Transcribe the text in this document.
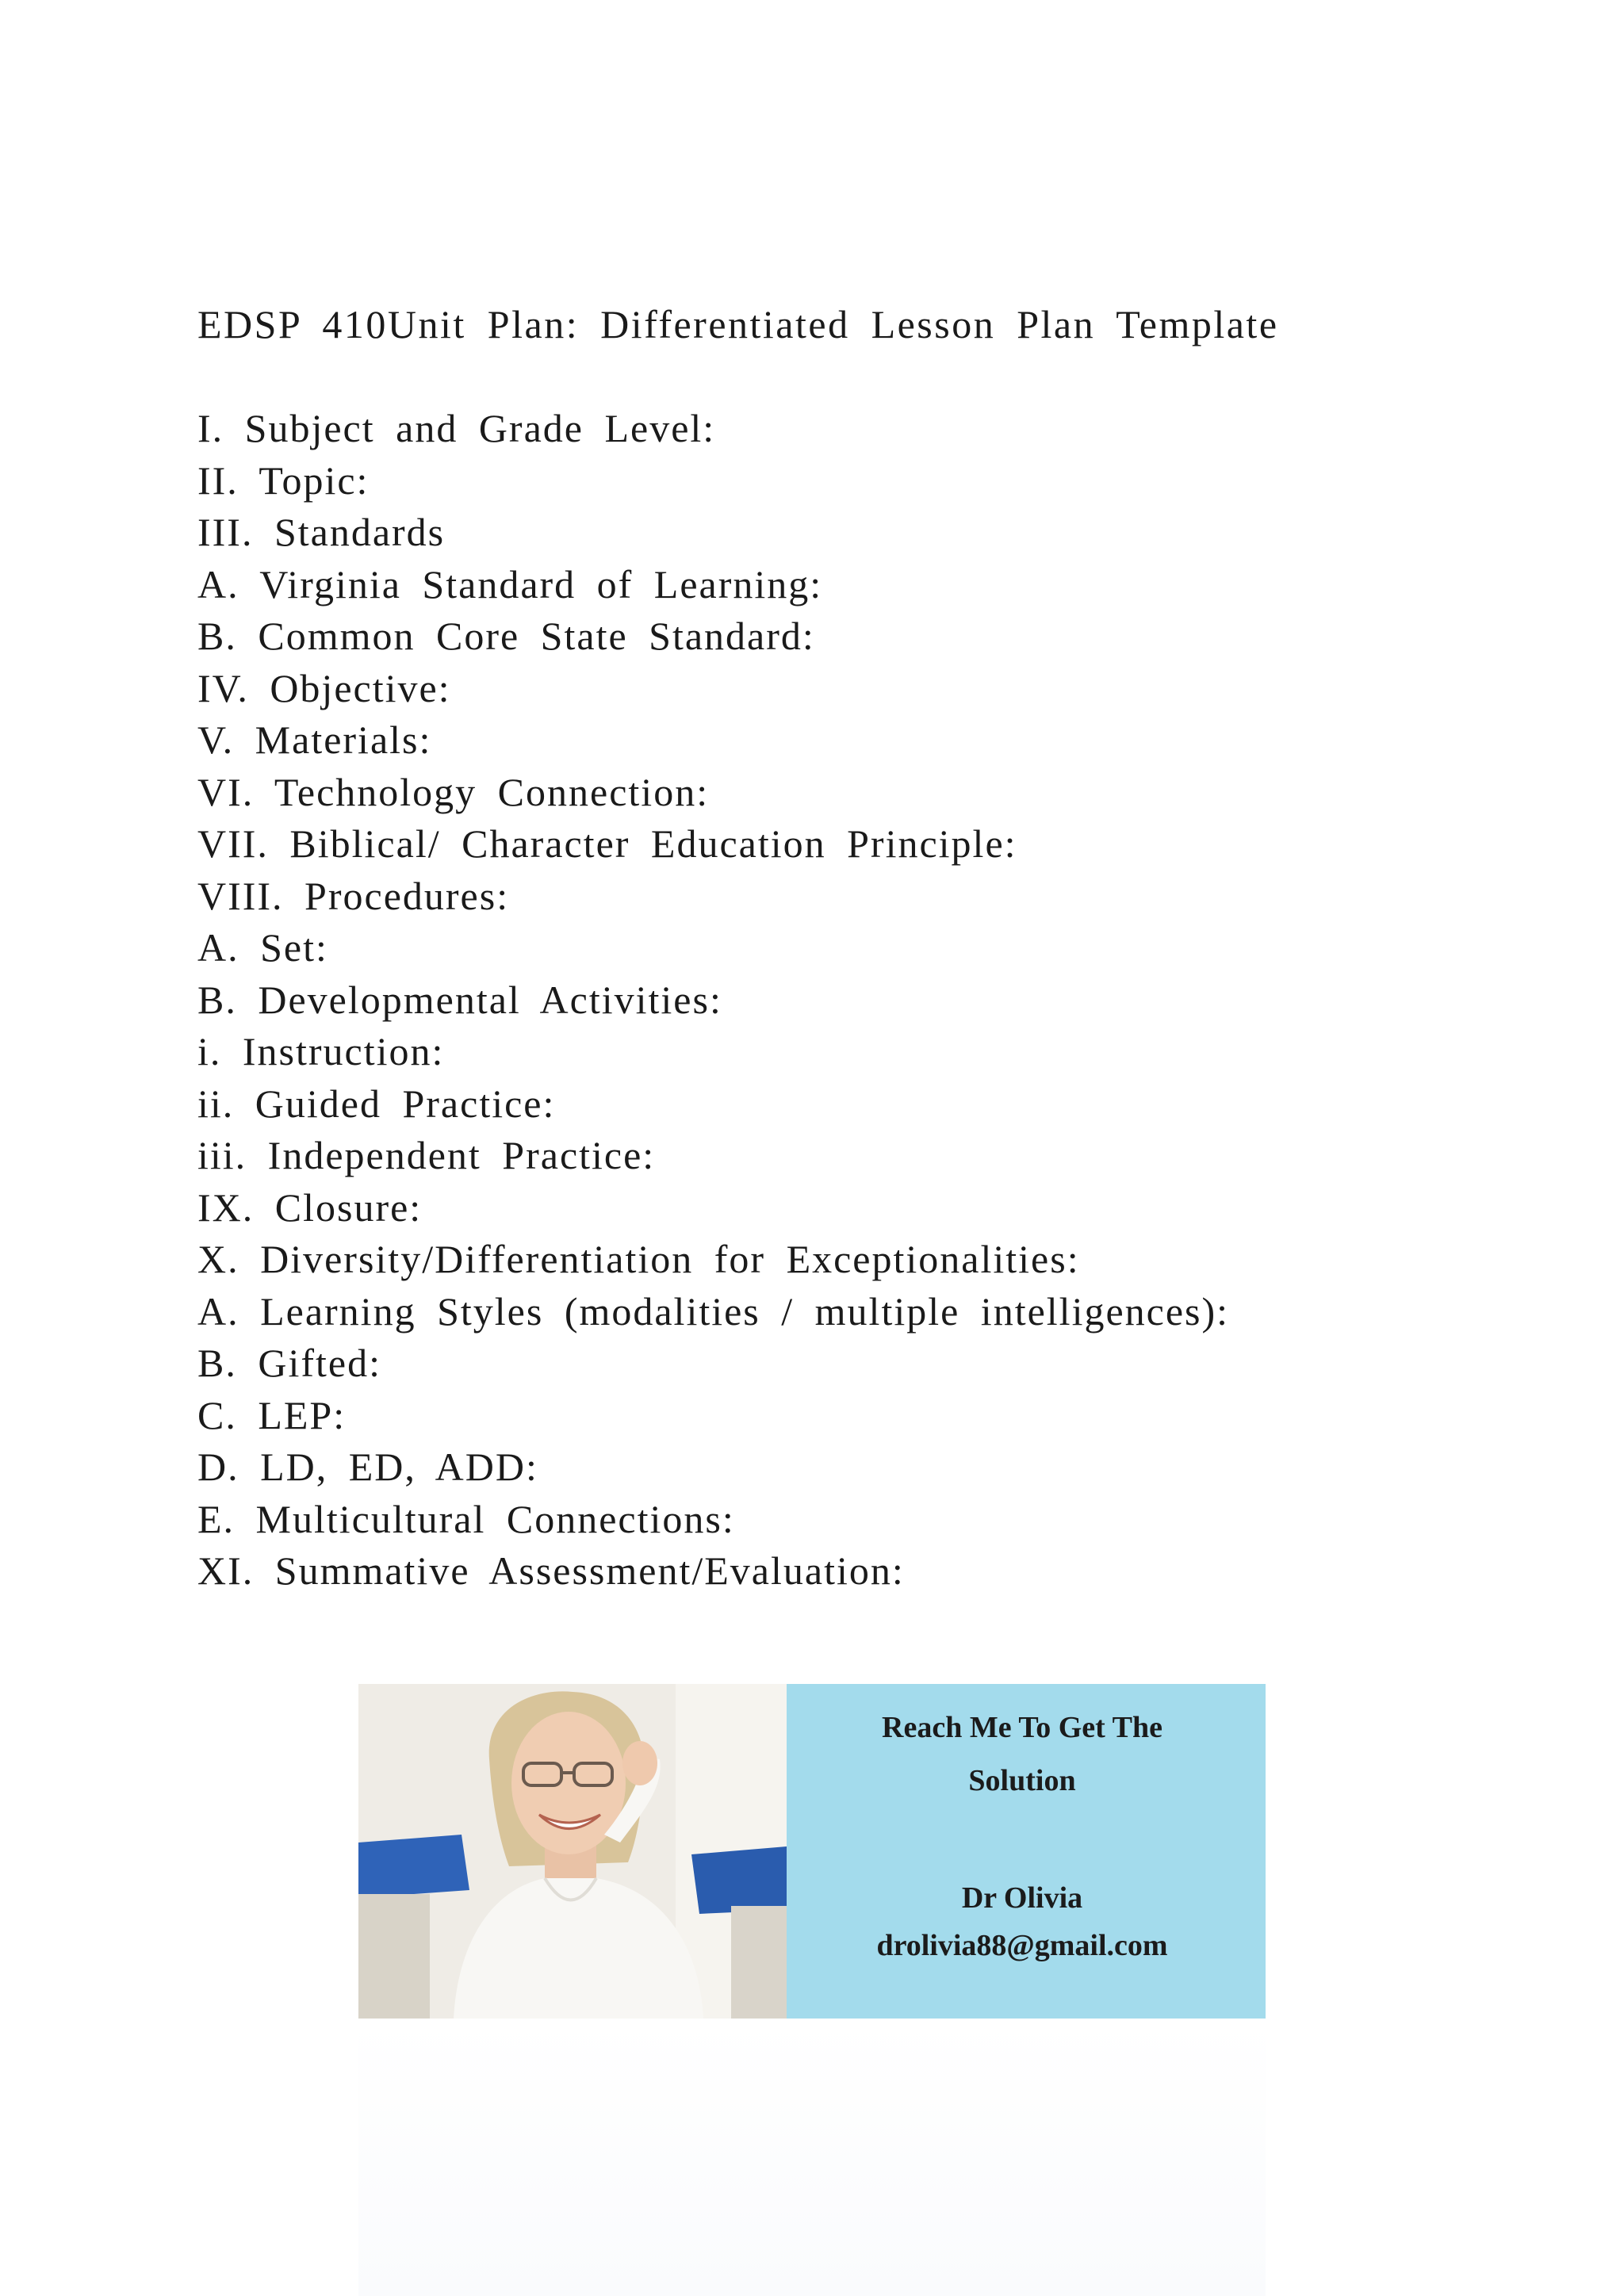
EDSP 410Unit Plan: Differentiated Lesson Plan Template
I. Subject and Grade Level:
II. Topic:
III. Standards
A. Virginia Standard of Learning:
B. Common Core State Standard:
IV. Objective:
V. Materials:
VI. Technology Connection:
VII. Biblical/ Character Education Principle:
VIII. Procedures:
A. Set:
B. Developmental Activities:
i. Instruction:
ii. Guided Practice:
iii. Independent Practice:
IX. Closure:
X. Diversity/Differentiation for Exceptionalities:
A. Learning Styles (modalities / multiple intelligences):
B. Gifted:
C. LEP:
D. LD, ED, ADD:
E. Multicultural Connections:
XI. Summative Assessment/Evaluation:
Reach Me To Get The
Solution
Dr Olivia
drolivia88@gmail.com
